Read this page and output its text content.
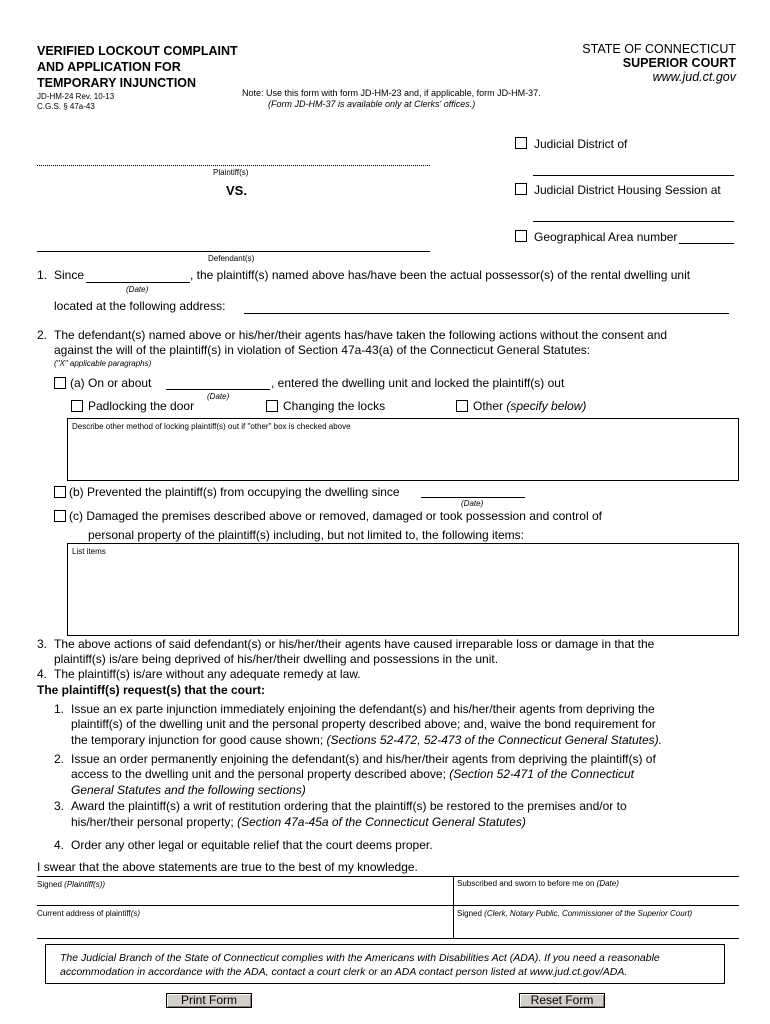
VERIFIED LOCKOUT COMPLAINT
AND APPLICATION FOR
TEMPORARY INJUNCTION
JD-HM-24 Rev. 10-13
C.G.S. § 47a-43
Note: Use this form with form JD-HM-23 and, if applicable, form JD-HM-37.
(Form JD-HM-37 is available only at Clerks' offices.)
STATE OF CONNECTICUT
SUPERIOR COURT
www.jud.ct.gov
Judicial District of
Judicial District Housing Session at
Geographical Area number
Plaintiff(s)
VS.
Defendant(s)
1. Since	, the plaintiff(s) named above has/have been the actual possessor(s) of the rental dwelling unit
(Date)
located at the following address:
2. The defendant(s) named above or his/her/their agents has/have taken the following actions without the consent and
against the will of the plaintiff(s) in violation of Section 47a-43(a) of the Connecticut General Statutes:
("X" applicable paragraphs)
(a) On or about	, entered the dwelling unit and locked the plaintiff(s) out
(Date)
Padlocking the door	Changing the locks	Other (specify below)
Describe other method of locking plaintiff(s) out if "other" box is checked above
(b) Prevented the plaintiff(s) from occupying the dwelling since
(Date)
(c) Damaged the premises described above or removed, damaged or took possession and control of
personal property of the plaintiff(s) including, but not limited to, the following items:
List items
3. The above actions of said defendant(s) or his/her/their agents have caused irreparable loss or damage in that the
plaintiff(s) is/are being deprived of his/her/their dwelling and possessions in the unit.
4. The plaintiff(s) is/are without any adequate remedy at law.
The plaintiff(s) request(s) that the court:
1. Issue an ex parte injunction immediately enjoining the defendant(s) and his/her/their agents from depriving the
plaintiff(s) of the dwelling unit and the personal property described above; and, waive the bond requirement for
the temporary injunction for good cause shown; (Sections 52-472, 52-473 of the Connecticut General Statutes).
2. Issue an order permanently enjoining the defendant(s) and his/her/their agents from depriving the plaintiff(s) of
access to the dwelling unit and the personal property described above; (Section 52-471 of the Connecticut
General Statutes and the following sections)
3. Award the plaintiff(s) a writ of restitution ordering that the plaintiff(s) be restored to the premises and/or to
his/her/their personal property; (Section 47a-45a of the Connecticut General Statutes)
4. Order any other legal or equitable relief that the court deems proper.
I swear that the above statements are true to the best of my knowledge.
Signed (Plaintiff(s))	Subscribed and sworn to before me on (Date)
Current address of plaintiff(s)	Signed (Clerk, Notary Public, Commissioner of the Superior Court)
The Judicial Branch of the State of Connecticut complies with the Americans with Disabilities Act (ADA). If you need a reasonable
accommodation in accordance with the ADA, contact a court clerk or an ADA contact person listed at www.jud.ct.gov/ADA.
Print Form	Reset Form
